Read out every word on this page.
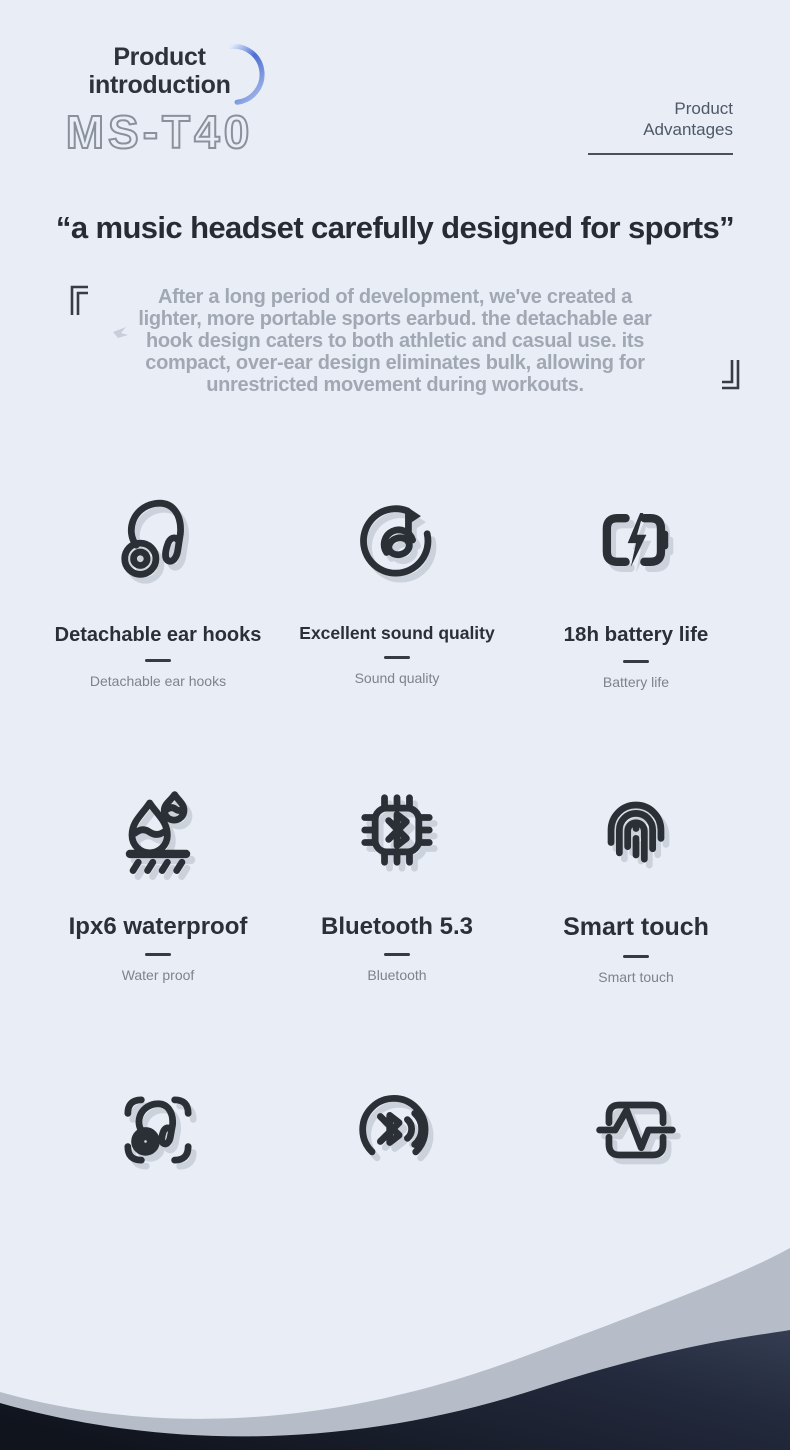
Product introduction
MS-T40	Product Advantages
“a music headset carefully designed for sports”
After a long period of development, we've created a lighter, more portable sports earbud. the detachable ear hook design caters to both athletic and casual use. its compact, over-ear design eliminates bulk, allowing for unrestricted movement during workouts.
Detachable ear hooks
Detachable ear hooks
Excellent sound quality
Sound quality
18h battery life
Battery life
Ipx6 waterproof
Water proof
Bluetooth 5.3
Bluetooth
Smart touch
Smart touch
